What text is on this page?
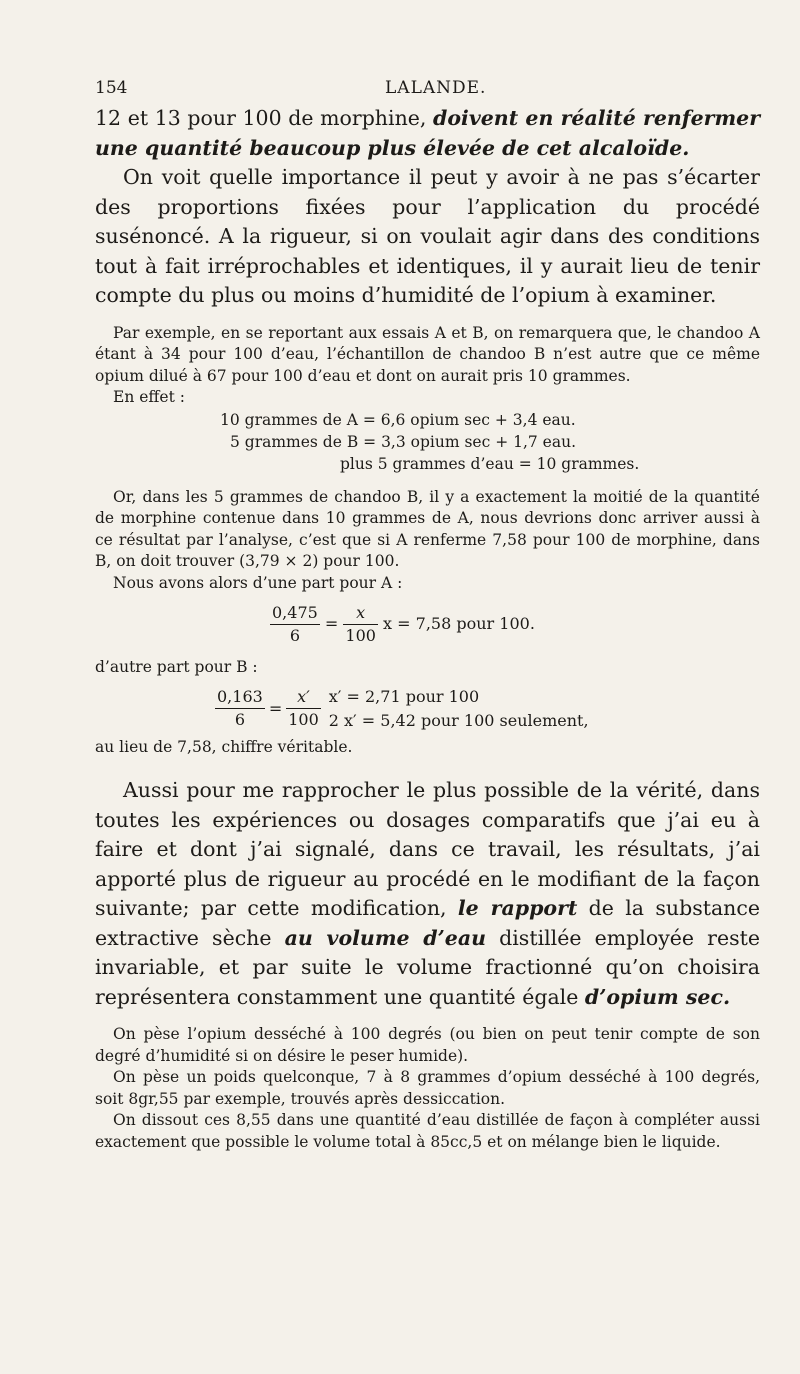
154	LALANDE.

12 et 13 pour 100 de morphine, doivent en réalité renfermer une quantité beaucoup plus élevée de cet alcaloïde.

On voit quelle importance il peut y avoir à ne pas s’écarter des proportions fixées pour l’application du procédé susénoncé. A la rigueur, si on voulait agir dans des conditions tout à fait irréprochables et identiques, il y aurait lieu de tenir compte du plus ou moins d’humidité de l’opium à examiner.

Par exemple, en se reportant aux essais A et B, on remarquera que, le chandoo A étant à 34 pour 100 d’eau, l’échantillon de chandoo B n’est autre que ce même opium dilué à 67 pour 100 d’eau et dont on aurait pris 10 grammes.

En effet :

10 grammes de A = 6,6 opium sec + 3,4 eau.
5 grammes de B = 3,3 opium sec + 1,7 eau.
plus 5 grammes d’eau = 10 grammes.

Or, dans les 5 grammes de chandoo B, il y a exactement la moitié de la quantité de morphine contenue dans 10 grammes de A, nous devrions donc arriver aussi à ce résultat par l’analyse, c’est que si A renferme 7,58 pour 100 de morphine, dans B, on doit trouver (3,79 × 2) pour 100.

Nous avons alors d’une part pour A :

$\frac{0,475}{6} = \frac{x}{100}$ x = 7,58 pour 100.

d’autre part pour B :

$\frac{0,163}{6} = \frac{x'}{100} x' = 2,71$ pour 100
2 x′ = 5,42 pour 100 seulement,

au lieu de 7,58, chiffre véritable.

Aussi pour me rapprocher le plus possible de la vérité, dans toutes les expériences ou dosages comparatifs que j’ai eu à faire et dont j’ai signalé, dans ce travail, les résultats, j’ai apporté plus de rigueur au procédé en le modifiant de la façon suivante; par cette modification, le rapport de la substance extractive sèche au volume d’eau distillée employée reste invariable, et par suite le volume fractionné qu’on choisira représentera constamment une quantité égale d’opium sec.

On pèse l’opium desséché à 100 degrés (ou bien on peut tenir compte de son degré d’humidité si on désire le peser humide).

On pèse un poids quelconque, 7 à 8 grammes d’opium desséché à 100 degrés, soit 8gr,55 par exemple, trouvés après dessiccation.

On dissout ces 8,55 dans une quantité d’eau distillée de façon à compléter aussi exactement que possible le volume total à 85cc,5 et on mélange bien le liquide.
